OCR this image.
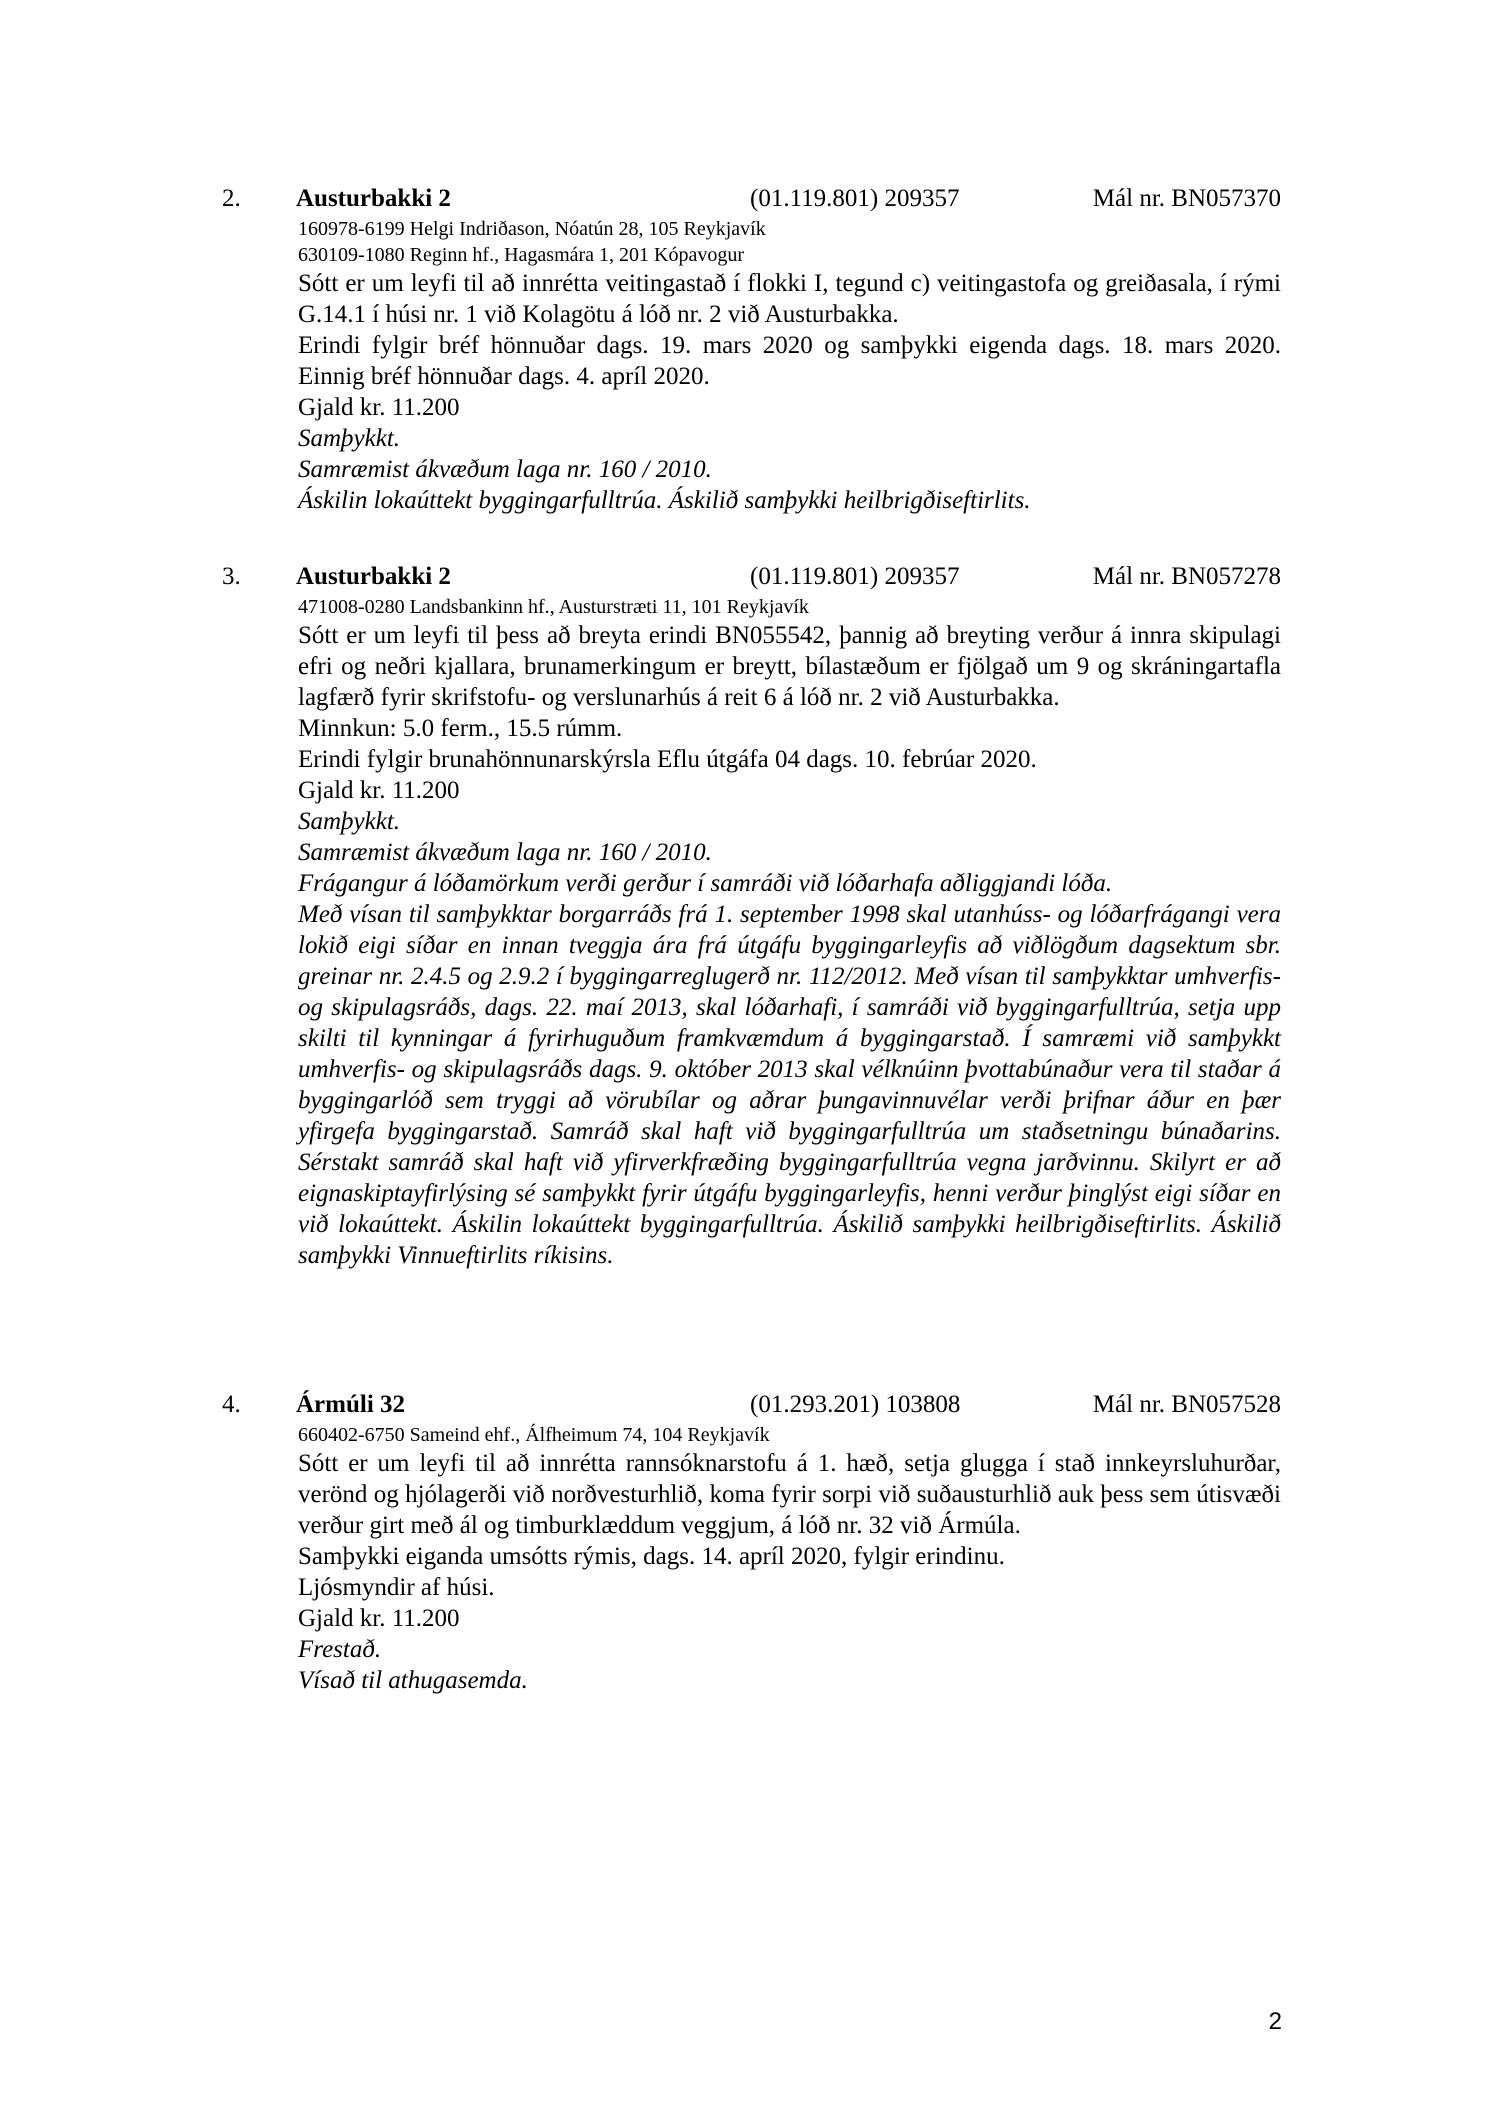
2. Austurbakki 2	(01.119.801) 209357	Mál nr. BN057370
160978-6199 Helgi Indriðason, Nóatún 28, 105 Reykjavík
630109-1080 Reginn hf., Hagasmára 1, 201 Kópavogur
Sótt er um leyfi til að innrétta veitingastað í flokki I, tegund c) veitingastofa og greiðasala, í rými G.14.1 í húsi nr. 1 við Kolagötu á lóð nr. 2 við Austurbakka.
Erindi fylgir bréf hönnuðar dags. 19. mars 2020 og samþykki eigenda dags. 18. mars 2020. Einnig bréf hönnuðar dags. 4. apríl 2020.
Gjald kr. 11.200
Samþykkt.
Samræmist ákvæðum laga nr. 160 / 2010.
Áskilin lokaúttekt byggingarfulltrúa. Áskilið samþykki heilbrigðiseftirlits.
3. Austurbakki 2	(01.119.801) 209357	Mál nr. BN057278
471008-0280 Landsbankinn hf., Austurstræti 11, 101 Reykjavík
Sótt er um leyfi til þess að breyta erindi BN055542, þannig að breyting verður á innra skipulagi efri og neðri kjallara, brunamerkingum er breytt, bílastæðum er fjölgað um 9 og skráningartafla lagfærð fyrir skrifstofu- og verslunarhús á reit 6 á lóð nr. 2 við Austurbakka.
Minnkun: 5.0 ferm., 15.5 rúmm.
Erindi fylgir brunahönnunarskýrsla Eflu útgáfa 04 dags. 10. febrúar 2020.
Gjald kr. 11.200
Samþykkt.
Samræmist ákvæðum laga nr. 160 / 2010.
Frágangur á lóðamörkum verði gerður í samráði við lóðarhafa aðliggjandi lóða.
Með vísan til samþykktar borgarráðs frá 1. september 1998 skal utanhúss- og lóðarfrágangi vera lokið eigi síðar en innan tveggja ára frá útgáfu byggingarleyfis að viðlögðum dagsektum sbr. greinar nr. 2.4.5 og 2.9.2 í byggingarreglugerð nr. 112/2012. Með vísan til samþykktar umhverfis- og skipulagsráðs, dags. 22. maí 2013, skal lóðarhafi, í samráði við byggingarfulltrúa, setja upp skilti til kynningar á fyrirhuguðum framkvæmdum á byggingarstað. Í samræmi við samþykkt umhverfis- og skipulagsráðs dags. 9. október 2013 skal vélknúinn þvottabúnaður vera til staðar á byggingarlóð sem tryggi að vörubílar og aðrar þungavinnuvélar verði þrifnar áður en þær yfirgefa byggingarstað. Samráð skal haft við byggingarfulltrúa um staðsetningu búnaðarins. Sérstakt samráð skal haft við yfirverkfræðing byggingarfulltrúa vegna jarðvinnu. Skilyrt er að eignaskiptayfirlýsing sé samþykkt fyrir útgáfu byggingarleyfis, henni verður þinglýst eigi síðar en við lokaúttekt. Áskilin lokaúttekt byggingarfulltrúa. Áskilið samþykki heilbrigðiseftirlits. Áskilið samþykki Vinnueftirlits ríkisins.
4. Ármúli 32	(01.293.201) 103808	Mál nr. BN057528
660402-6750 Sameind ehf., Álfheimum 74, 104 Reykjavík
Sótt er um leyfi til að innrétta rannsóknarstofu á 1. hæð, setja glugga í stað innkeyrsluhurðar, verönd og hjólagerði við norðvesturhlið, koma fyrir sorpi við suðausturhlið auk þess sem útisvæði verður girt með ál og timburklæddum veggjum, á lóð nr. 32 við Ármúla.
Samþykki eiganda umsótts rýmis, dags. 14. apríl 2020, fylgir erindinu.
Ljósmyndir af húsi.
Gjald kr. 11.200
Frestað.
Vísað til athugasemda.
2
